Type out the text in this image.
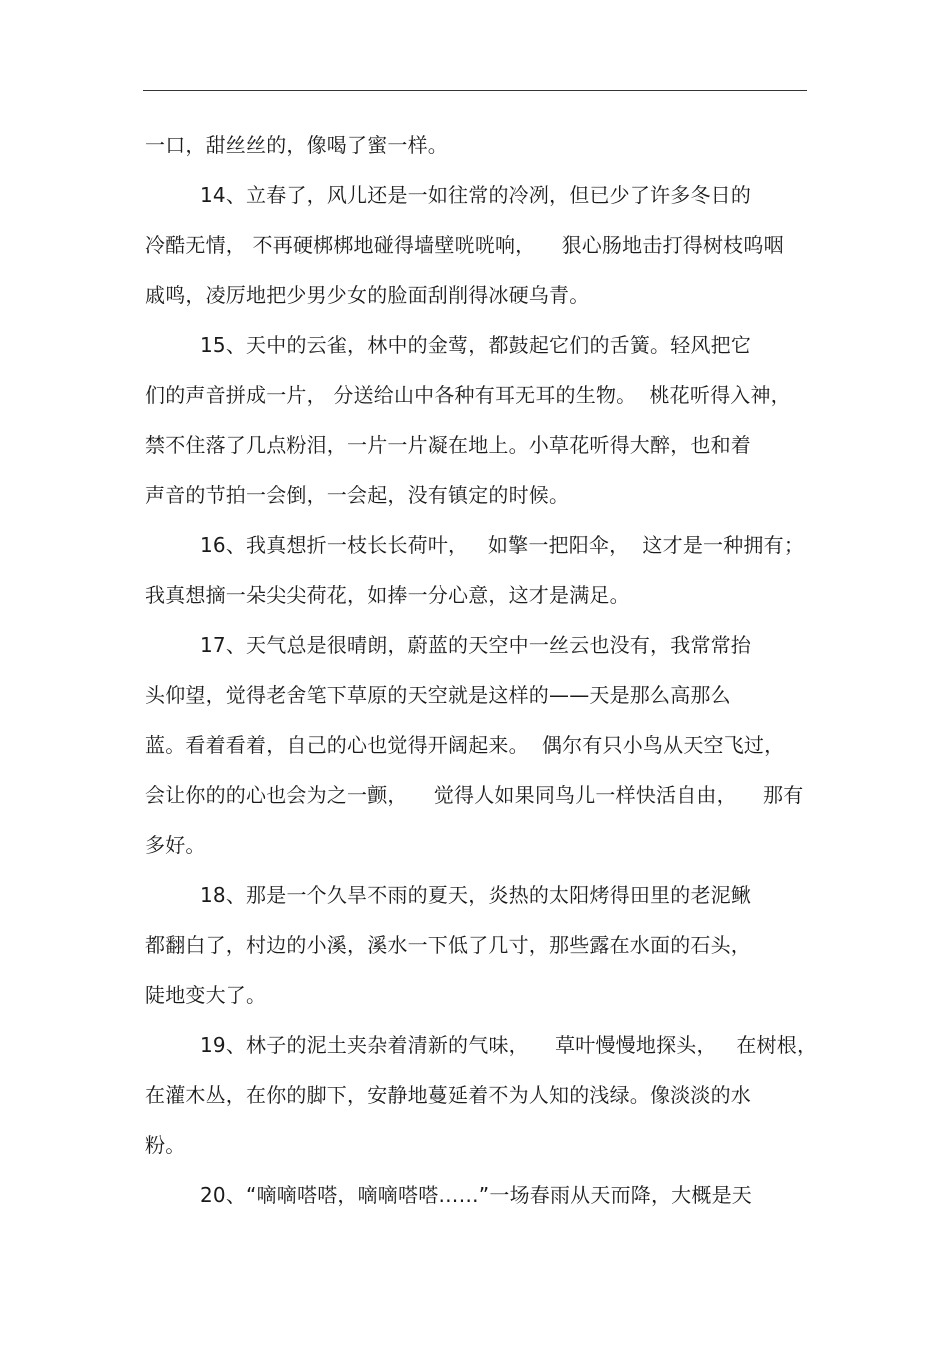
一口，甜丝丝的，像喝了蜜一样。
14、立春了，风儿还是一如往常的冷冽，但已少了许多冬日的
冷酷无情， 不再硬梆梆地碰得墙壁咣咣响，    狠心肠地击打得树枝呜咽
戚鸣，凌厉地把少男少女的脸面刮削得冰硬乌青。
15、天中的云雀，林中的金莺，都鼓起它们的舌簧。轻风把它
们的声音拼成一片， 分送给山中各种有耳无耳的生物。  桃花听得入神，
禁不住落了几点粉泪，一片一片凝在地上。小草花听得大醉，也和着
声音的节拍一会倒，一会起，没有镇定的时候。
16、我真想折一枝长长荷叶，   如擎一把阳伞，  这才是一种拥有；
我真想摘一朵尖尖荷花，如捧一分心意，这才是满足。
17、天气总是很晴朗，蔚蓝的天空中一丝云也没有，我常常抬
头仰望，觉得老舍笔下草原的天空就是这样的——天是那么高那么
蓝。看着看着，自己的心也觉得开阔起来。  偶尔有只小鸟从天空飞过，
会让你的的心也会为之一颤，    觉得人如果同鸟儿一样快活自由，    那有
多好。
18、那是一个久旱不雨的夏天，炎热的太阳烤得田里的老泥鳅
都翻白了，村边的小溪，溪水一下低了几寸，那些露在水面的石头，
陡地变大了。
19、林子的泥土夹杂着清新的气味，    草叶慢慢地探头，   在树根，
在灌木丛，在你的脚下，安静地蔓延着不为人知的浅绿。像淡淡的水
粉。
20、“嘀嘀嗒嗒，嘀嘀嗒嗒……”一场春雨从天而降，大概是天
